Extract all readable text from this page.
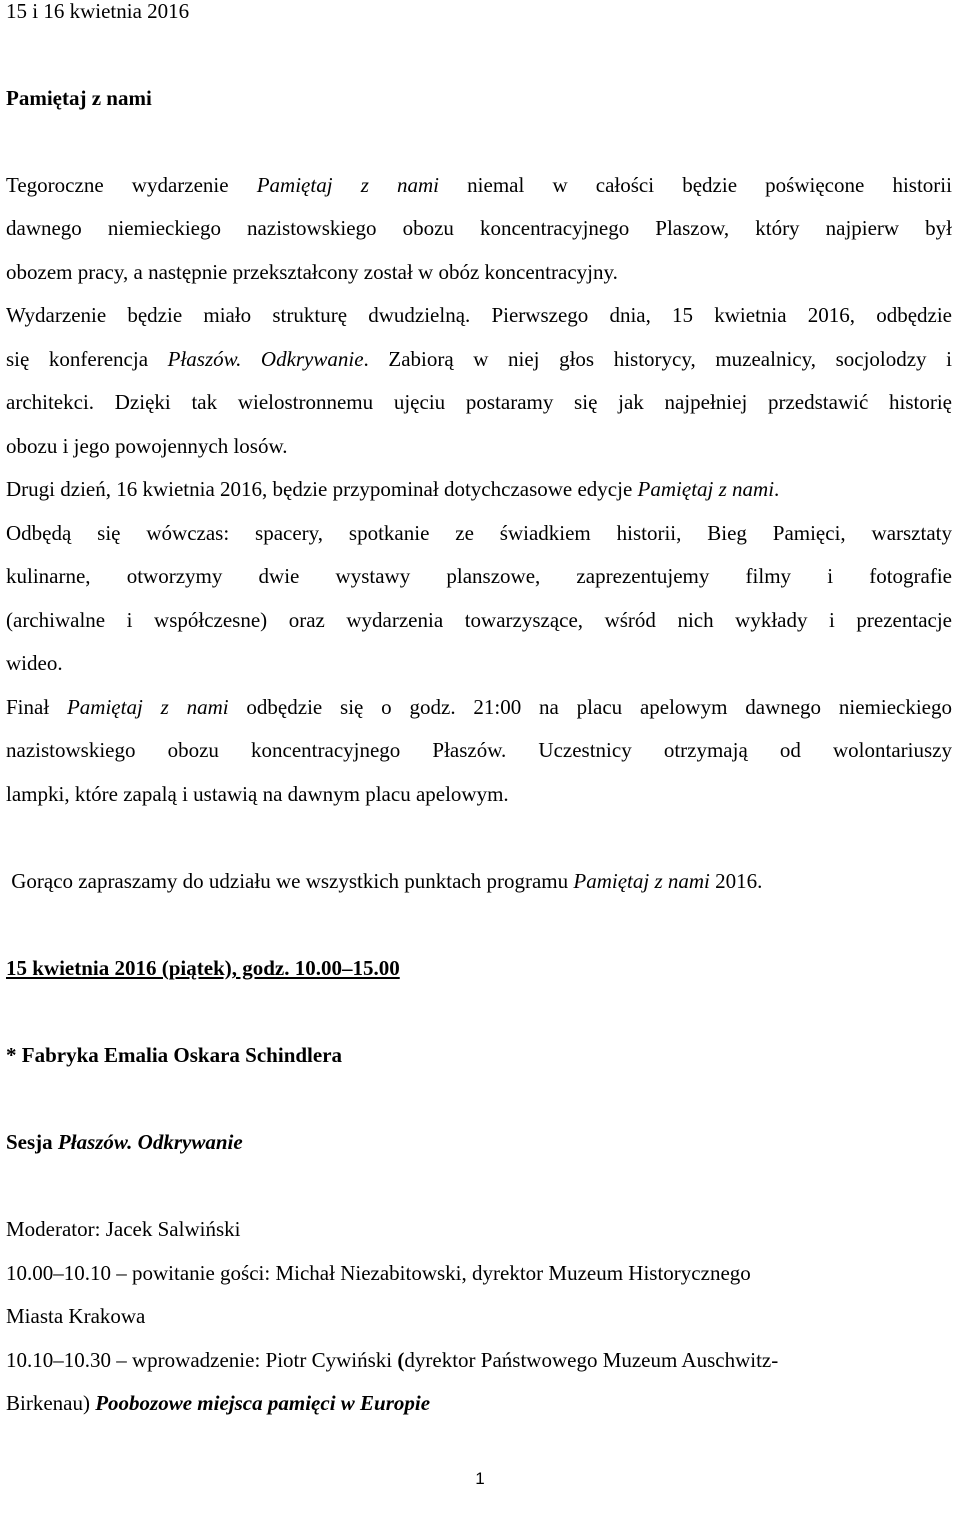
15 i 16 kwietnia 2016
Pamiętaj z nami
Tegoroczne wydarzenie Pamiętaj z nami niemal w całości będzie poświęcone historii
dawnego niemieckiego nazistowskiego obozu koncentracyjnego Plaszow, który najpierw był
obozem pracy, a następnie przekształcony został w obóz koncentracyjny.
Wydarzenie będzie miało strukturę dwudzielną. Pierwszego dnia, 15 kwietnia 2016, odbędzie
się konferencja Płaszów. Odkrywanie. Zabiorą w niej głos historycy, muzealnicy, socjolodzy i
architekci. Dzięki tak wielostronnemu ujęciu postaramy się jak najpełniej przedstawić historię
obozu i jego powojennych losów.
Drugi dzień, 16 kwietnia 2016, będzie przypominał dotychczasowe edycje Pamiętaj z nami.
Odbędą się wówczas: spacery, spotkanie ze świadkiem historii, Bieg Pamięci, warsztaty
kulinarne, otworzymy dwie wystawy planszowe, zaprezentujemy filmy i fotografie
(archiwalne i współczesne) oraz wydarzenia towarzyszące, wśród nich wykłady i prezentacje
wideo.
Finał Pamiętaj z nami odbędzie się o godz. 21:00 na placu apelowym dawnego niemieckiego
nazistowskiego obozu koncentracyjnego Płaszów. Uczestnicy otrzymają od wolontariuszy
lampki, które zapalą i ustawią na dawnym placu apelowym.
Gorąco zapraszamy do udziału we wszystkich punktach programu Pamiętaj z nami 2016.
15 kwietnia 2016 (piątek), godz. 10.00–15.00
* Fabryka Emalia Oskara Schindlera
Sesja Płaszów. Odkrywanie
Moderator: Jacek Salwiński
10.00–10.10 – powitanie gości: Michał Niezabitowski, dyrektor Muzeum Historycznego
Miasta Krakowa
10.10–10.30 – wprowadzenie: Piotr Cywiński (dyrektor Państwowego Muzeum Auschwitz-
Birkenau) Poobozowe miejsca pamięci w Europie
1
